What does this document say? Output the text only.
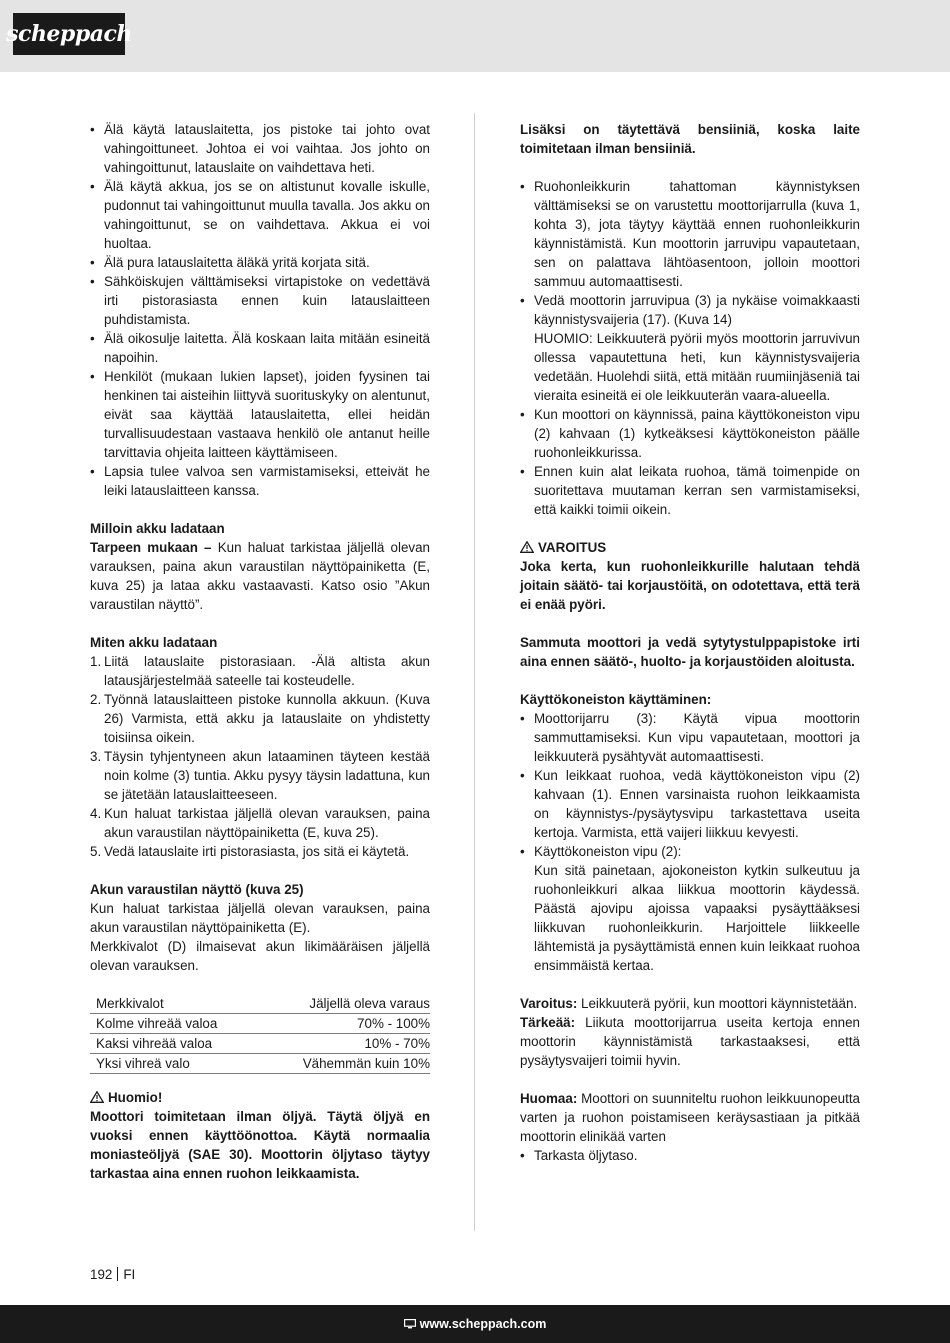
scheppach
• Älä käytä latauslaitetta, jos pistoke tai johto ovat vahingoittuneet. Johtoa ei voi vaihtaa. Jos johto on vahingoittunut, latauslaite on vaihdettava heti.
• Älä käytä akkua, jos se on altistunut kovalle iskulle, pudonnut tai vahingoittunut muulla tavalla. Jos akku on vahingoittunut, se on vaihdettava. Akkua ei voi huoltaa.
• Älä pura latauslaitetta äläkä yritä korjata sitä.
• Sähköiskujen välttämiseksi virtapistoke on vedettävä irti pistorasiasta ennen kuin latauslaitteen puhdistamista.
• Älä oikosulje laitetta. Älä koskaan laita mitään esineitä napoihin.
• Henkilöt (mukaan lukien lapset), joiden fyysinen tai henkinen tai aisteihin liittyvä suorituskyky on alentunut, eivät saa käyttää latauslaitetta, ellei heidän turvallisuudestaan vastaava henkilö ole antanut heille tarvittavia ohjeita laitteen käyttämiseen.
• Lapsia tulee valvoa sen varmistamiseksi, etteivät he leiki latauslaitteen kanssa.
Milloin akku ladataan
Tarpeen mukaan – Kun haluat tarkistaa jäljellä olevan varauksen, paina akun varaustilan näyttöpainiketta (E, kuva 25) ja lataa akku vastaavasti. Katso osio ”Akun varaustilan näyttö”.
Miten akku ladataan
1. Liitä latauslaite pistorasiaan. -Älä altista akun latausjärjestelmää sateelle tai kosteudelle.
2. Työnnä latauslaitteen pistoke kunnolla akkuun. (Kuva 26) Varmista, että akku ja latauslaite on yhdistetty toisiinsa oikein.
3. Täysin tyhjentyneen akun lataaminen täyteen kestää noin kolme (3) tuntia. Akku pysyy täysin ladattuna, kun se jätetään latauslaitteeseen.
4. Kun haluat tarkistaa jäljellä olevan varauksen, paina akun varaustilan näyttöpainiketta (E, kuva 25).
5. Vedä latauslaite irti pistorasiasta, jos sitä ei käytetä.
Akun varaustilan näyttö (kuva 25)
Kun haluat tarkistaa jäljellä olevan varauksen, paina akun varaustilan näyttöpainiketta (E).
Merkkivalot (D) ilmaisevat akun likimääräisen jäljellä olevan varauksen.
Merkkivalot	Jäljellä oleva varaus
Kolme vihreää valoa	70% - 100%
Kaksi vihreää valoa	10% - 70%
Yksi vihreä valo	Vähemmän kuin 10%
Huomio!
Moottori toimitetaan ilman öljyä. Täytä öljyä en vuoksi ennen käyttöönottoa. Käytä normaalia moniasteöljyä (SAE 30). Moottorin öljytaso täytyy tarkastaa aina ennen ruohon leikkaamista.
Lisäksi on täytettävä bensiiniä, koska laite toimitetaan ilman bensiiniä.
• Ruohonleikkurin tahattoman käynnistyksen välttämiseksi se on varustettu moottorijarrulla (kuva 1, kohta 3), jota täytyy käyttää ennen ruohonleikkurin käynnistämistä. Kun moottorin jarruvipu vapautetaan, sen on palattava lähtöasentoon, jolloin moottori sammuu automaattisesti.
• Vedä moottorin jarruvipua (3) ja nykäise voimakkaasti käynnistysvaijeria (17). (Kuva 14)
HUOMIO: Leikkuuterä pyörii myös moottorin jarruvivun ollessa vapautettuna heti, kun käynnistysvaijeria vedetään. Huolehdi siitä, että mitään ruumiinjäseniä tai vieraita esineitä ei ole leikkuuterän vaara-alueella.
• Kun moottori on käynnissä, paina käyttökoneiston vipu (2) kahvaan (1) kytkeäksesi käyttökoneiston päälle ruohonleikkurissa.
• Ennen kuin alat leikata ruohoa, tämä toimenpide on suoritettava muutaman kerran sen varmistamiseksi, että kaikki toimii oikein.
VAROITUS
Joka kerta, kun ruohonleikkurille halutaan tehdä joitain säätö- tai korjaustöitä, on odotettava, että terä ei enää pyöri.
Sammuta moottori ja vedä sytytystulppapistoke irti aina ennen säätö-, huolto- ja korjaustöiden aloitusta.
Käyttökoneiston käyttäminen:
• Moottorijarru (3): Käytä vipua moottorin sammuttamiseksi. Kun vipu vapautetaan, moottori ja leikkuuterä pysähtyvät automaattisesti.
• Kun leikkaat ruohoa, vedä käyttökoneiston vipu (2) kahvaan (1). Ennen varsinaista ruohon leikkaamista on käynnistys-/pysäytysvipu tarkastettava useita kertoja. Varmista, että vaijeri liikkuu kevyesti.
• Käyttökoneiston vipu (2):
Kun sitä painetaan, ajokoneiston kytkin sulkeutuu ja ruohonleikkuri alkaa liikkua moottorin käydessä. Päästä ajovipu ajoissa vapaaksi pysäyttääksesi liikkuvan ruohonleikkurin. Harjoittele liikkeelle lähtemistä ja pysäyttämistä ennen kuin leikkaat ruohoa ensimmäistä kertaa.
Varoitus: Leikkuuterä pyörii, kun moottori käynnistetään.
Tärkeää: Liikuta moottorijarrua useita kertoja ennen moottorin käynnistämistä tarkastaaksesi, että pysäytysvaijeri toimii hyvin.
Huomaa: Moottori on suunniteltu ruohon leikkuunopeutta varten ja ruohon poistamiseen keräysastiaan ja pitkää moottorin elinikää varten
• Tarkasta öljytaso.
192 FI
www.scheppach.com
